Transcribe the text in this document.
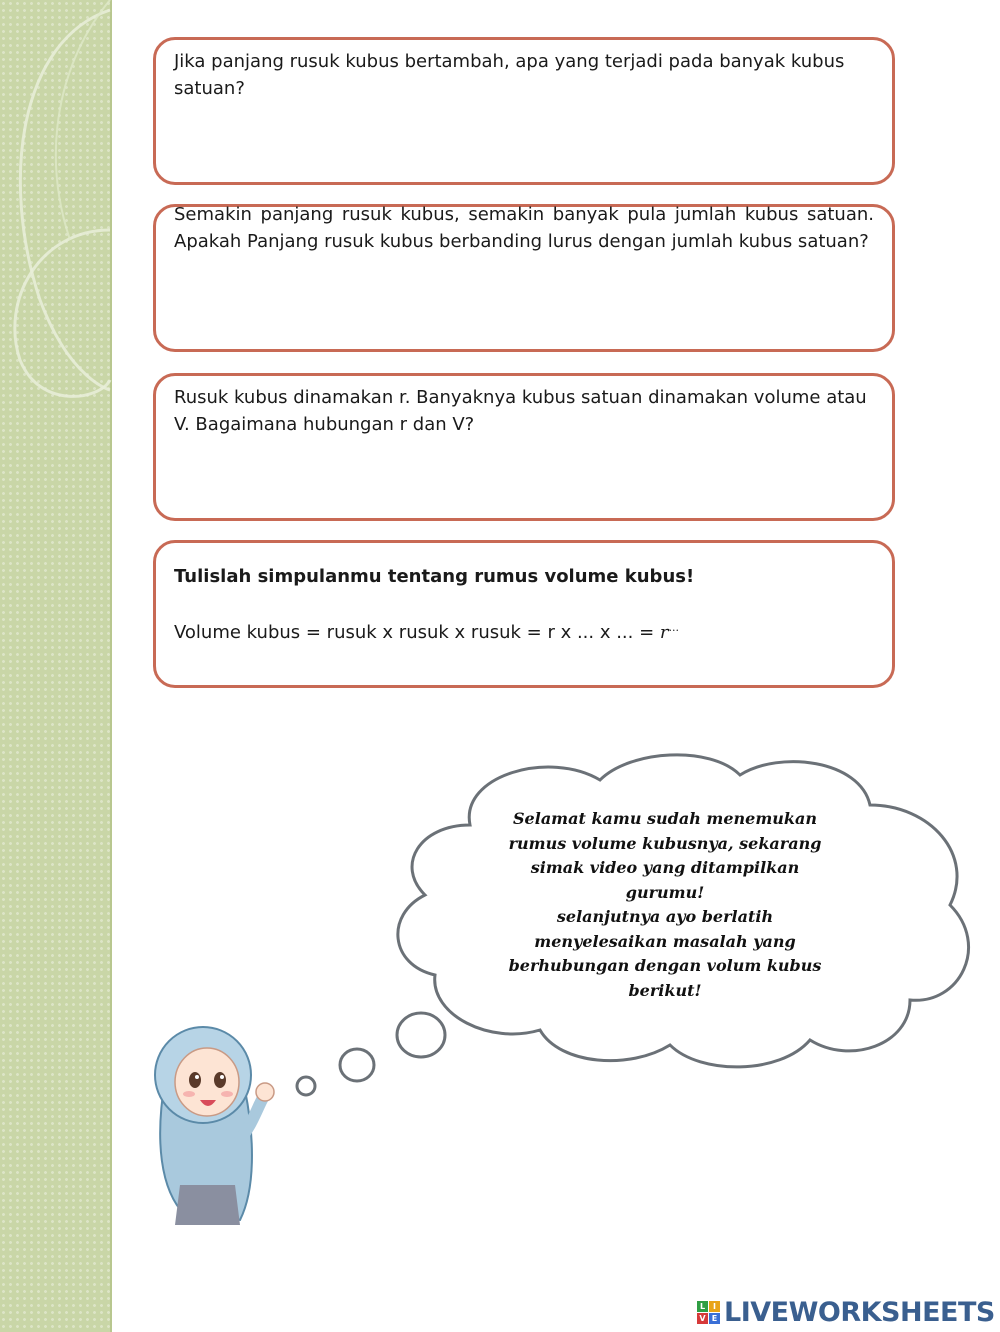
Jika panjang rusuk kubus bertambah, apa yang terjadi pada banyak kubus satuan?

Semakin panjang rusuk kubus, semakin banyak pula jumlah kubus satuan. Apakah Panjang rusuk kubus berbanding lurus dengan jumlah kubus satuan?

Rusuk kubus dinamakan r. Banyaknya kubus satuan dinamakan volume atau V. Bagaimana hubungan r dan V?

Tulislah simpulanmu tentang rumus volume kubus!

Volume kubus = rusuk x rusuk x rusuk = r x ... x ... = r...

Selamat kamu sudah menemukan
rumus volume kubusnya, sekarang
simak video yang ditampilkan
gurumu!
selanjutnya ayo berlatih
menyelesaikan masalah yang
berhubungan dengan volum kubus
berikut!
L I
V E LIVEWORKSHEETS
